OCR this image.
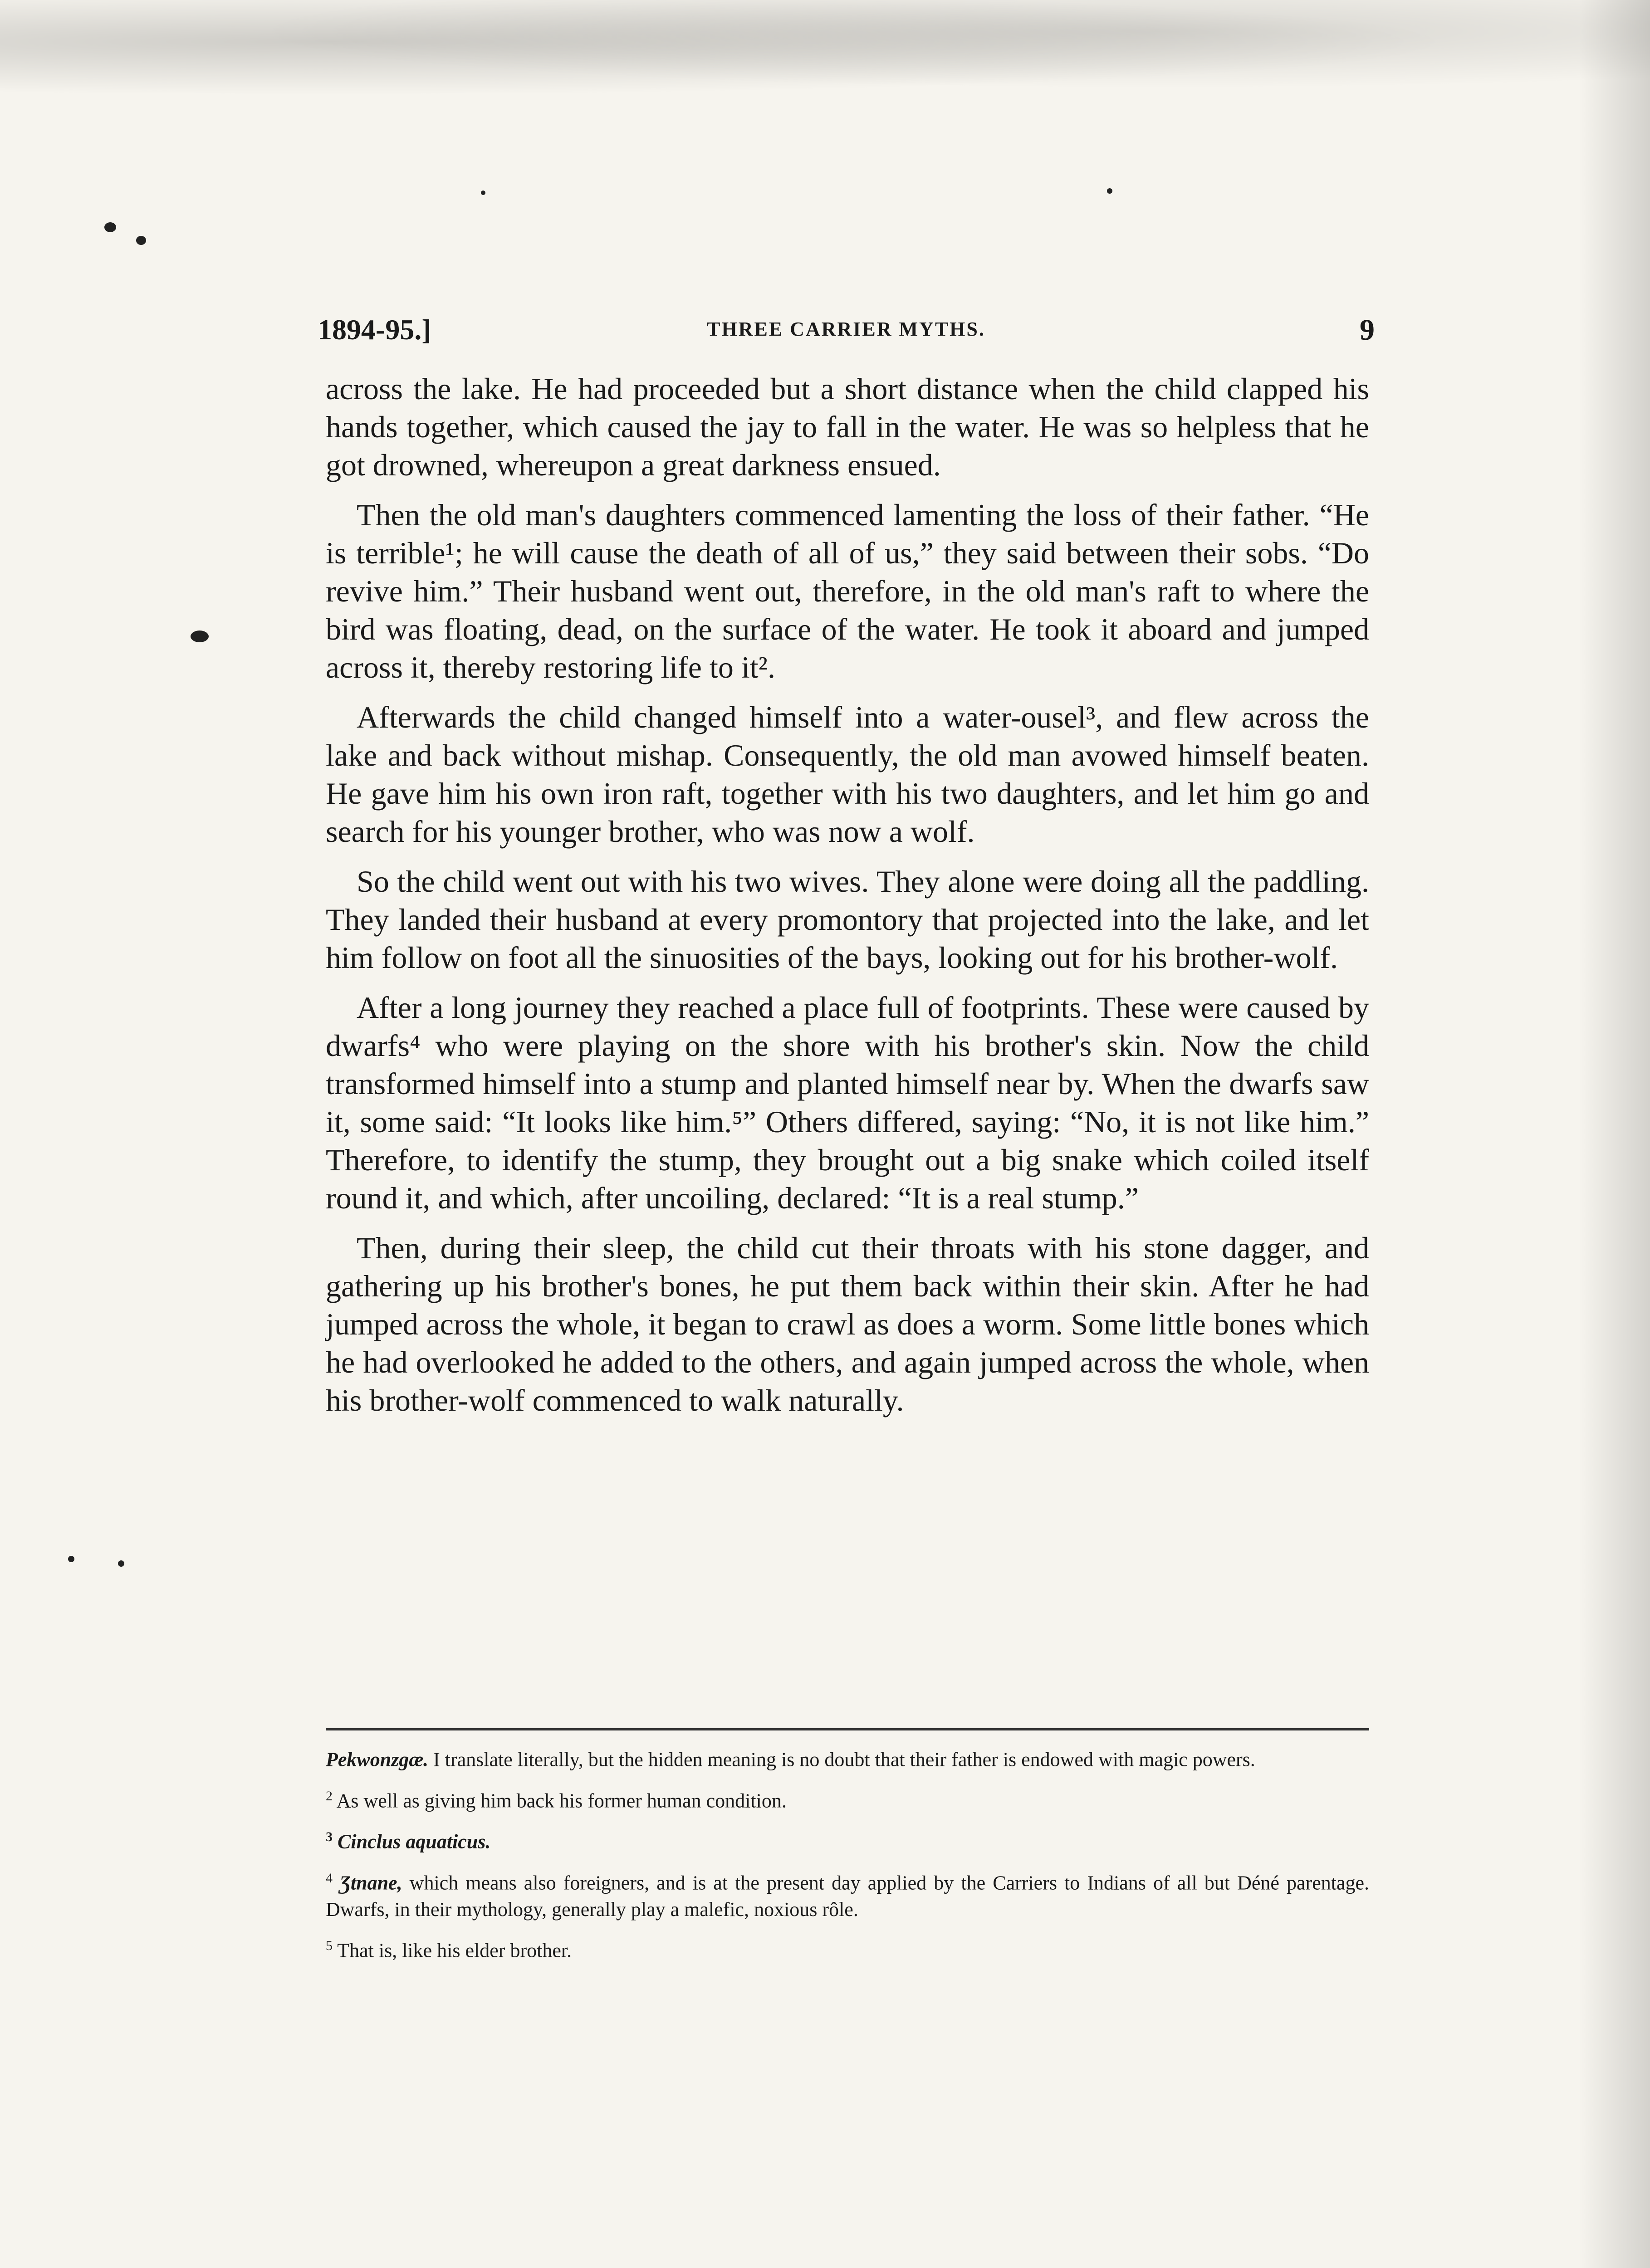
1894-95.]	THREE CARRIER MYTHS.	9

across the lake. He had proceeded but a short distance when the child clapped his hands together, which caused the jay to fall in the water. He was so helpless that he got drowned, whereupon a great darkness ensued.

Then the old man's daughters commenced lamenting the loss of their father. “He is terrible¹; he will cause the death of all of us,” they said between their sobs. “Do revive him.” Their husband went out, therefore, in the old man's raft to where the bird was floating, dead, on the surface of the water. He took it aboard and jumped across it, thereby restoring life to it².

Afterwards the child changed himself into a water-ousel³, and flew across the lake and back without mishap. Consequently, the old man avowed himself beaten. He gave him his own iron raft, together with his two daughters, and let him go and search for his younger brother, who was now a wolf.

So the child went out with his two wives. They alone were doing all the paddling. They landed their husband at every promontory that projected into the lake, and let him follow on foot all the sinuosities of the bays, looking out for his brother-wolf.

After a long journey they reached a place full of footprints. These were caused by dwarfs⁴ who were playing on the shore with his brother's skin. Now the child transformed himself into a stump and planted himself near by. When the dwarfs saw it, some said: “It looks like him.⁵” Others differed, saying: “No, it is not like him.” Therefore, to identify the stump, they brought out a big snake which coiled itself round it, and which, after uncoiling, declared: “It is a real stump.”

Then, during their sleep, the child cut their throats with his stone dagger, and gathering up his brother's bones, he put them back within their skin. After he had jumped across the whole, it began to crawl as does a worm. Some little bones which he had overlooked he added to the others, and again jumped across the whole, when his brother-wolf commenced to walk naturally.

Pekwonzgæ. I translate literally, but the hidden meaning is no doubt that their father is endowed with magic powers.

$^2$ As well as giving him back his former human condition.

$^3$ Cinclus aquaticus.

$^4$ Ʒtnane, which means also foreigners, and is at the present day applied by the Carriers to Indians of all but Déné parentage. Dwarfs, in their mythology, generally play a malefic, noxious rôle.

$^5$ That is, like his elder brother.
